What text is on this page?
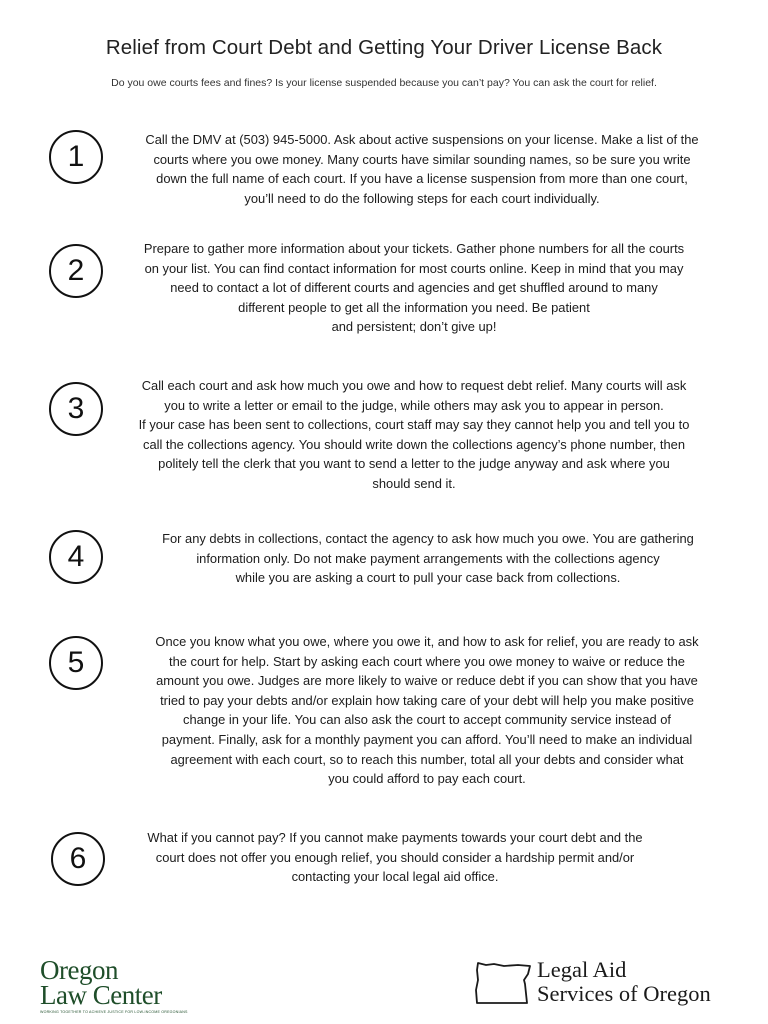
Relief from Court Debt and Getting Your Driver License Back
Do you owe courts fees and fines? Is your license suspended because you can’t pay? You can ask the court for relief.
1
Call the DMV at (503) 945-5000. Ask about active suspensions on your license. Make a list of the
courts where you owe money. Many courts have similar sounding names, so be sure you write
down the full name of each court. If you have a license suspension from more than one court,
you’ll need to do the following steps for each court individually.
2
Prepare to gather more information about your tickets. Gather phone numbers for all the courts
on your list. You can find contact information for most courts online. Keep in mind that you may
need to contact a lot of different courts and agencies and get shuffled around to many
different people to get all the information you need. Be patient
and persistent; don’t give up!
3
Call each court and ask how much you owe and how to request debt relief. Many courts will ask
you to write a letter or email to the judge, while others may ask you to appear in person.
If your case has been sent to collections, court staff may say they cannot help you and tell you to
call the collections agency. You should write down the collections agency’s phone number, then
politely tell the clerk that you want to send a letter to the judge anyway and ask where you
should send it.
4
For any debts in collections, contact the agency to ask how much you owe. You are gathering
information only. Do not make payment arrangements with the collections agency
while you are asking a court to pull your case back from collections.
5
Once you know what you owe, where you owe it, and how to ask for relief, you are ready to ask
the court for help. Start by asking each court where you owe money to waive or reduce the
amount you owe. Judges are more likely to waive or reduce debt if you can show that you have
tried to pay your debts and/or explain how taking care of your debt will help you make positive
change in your life. You can also ask the court to accept community service instead of
payment. Finally, ask for a monthly payment you can afford. You’ll need to make an individual
agreement with each court, so to reach this number, total all your debts and consider what
you could afford to pay each court.
6
What if you cannot pay? If you cannot make payments towards your court debt and the
court does not offer you enough relief, you should consider a hardship permit and/or
contacting your local legal aid office.
Oregon
Law Center
WORKING TOGETHER TO ACHIEVE JUSTICE FOR LOW-INCOME OREGONIANS
Legal Aid
Services of Oregon
